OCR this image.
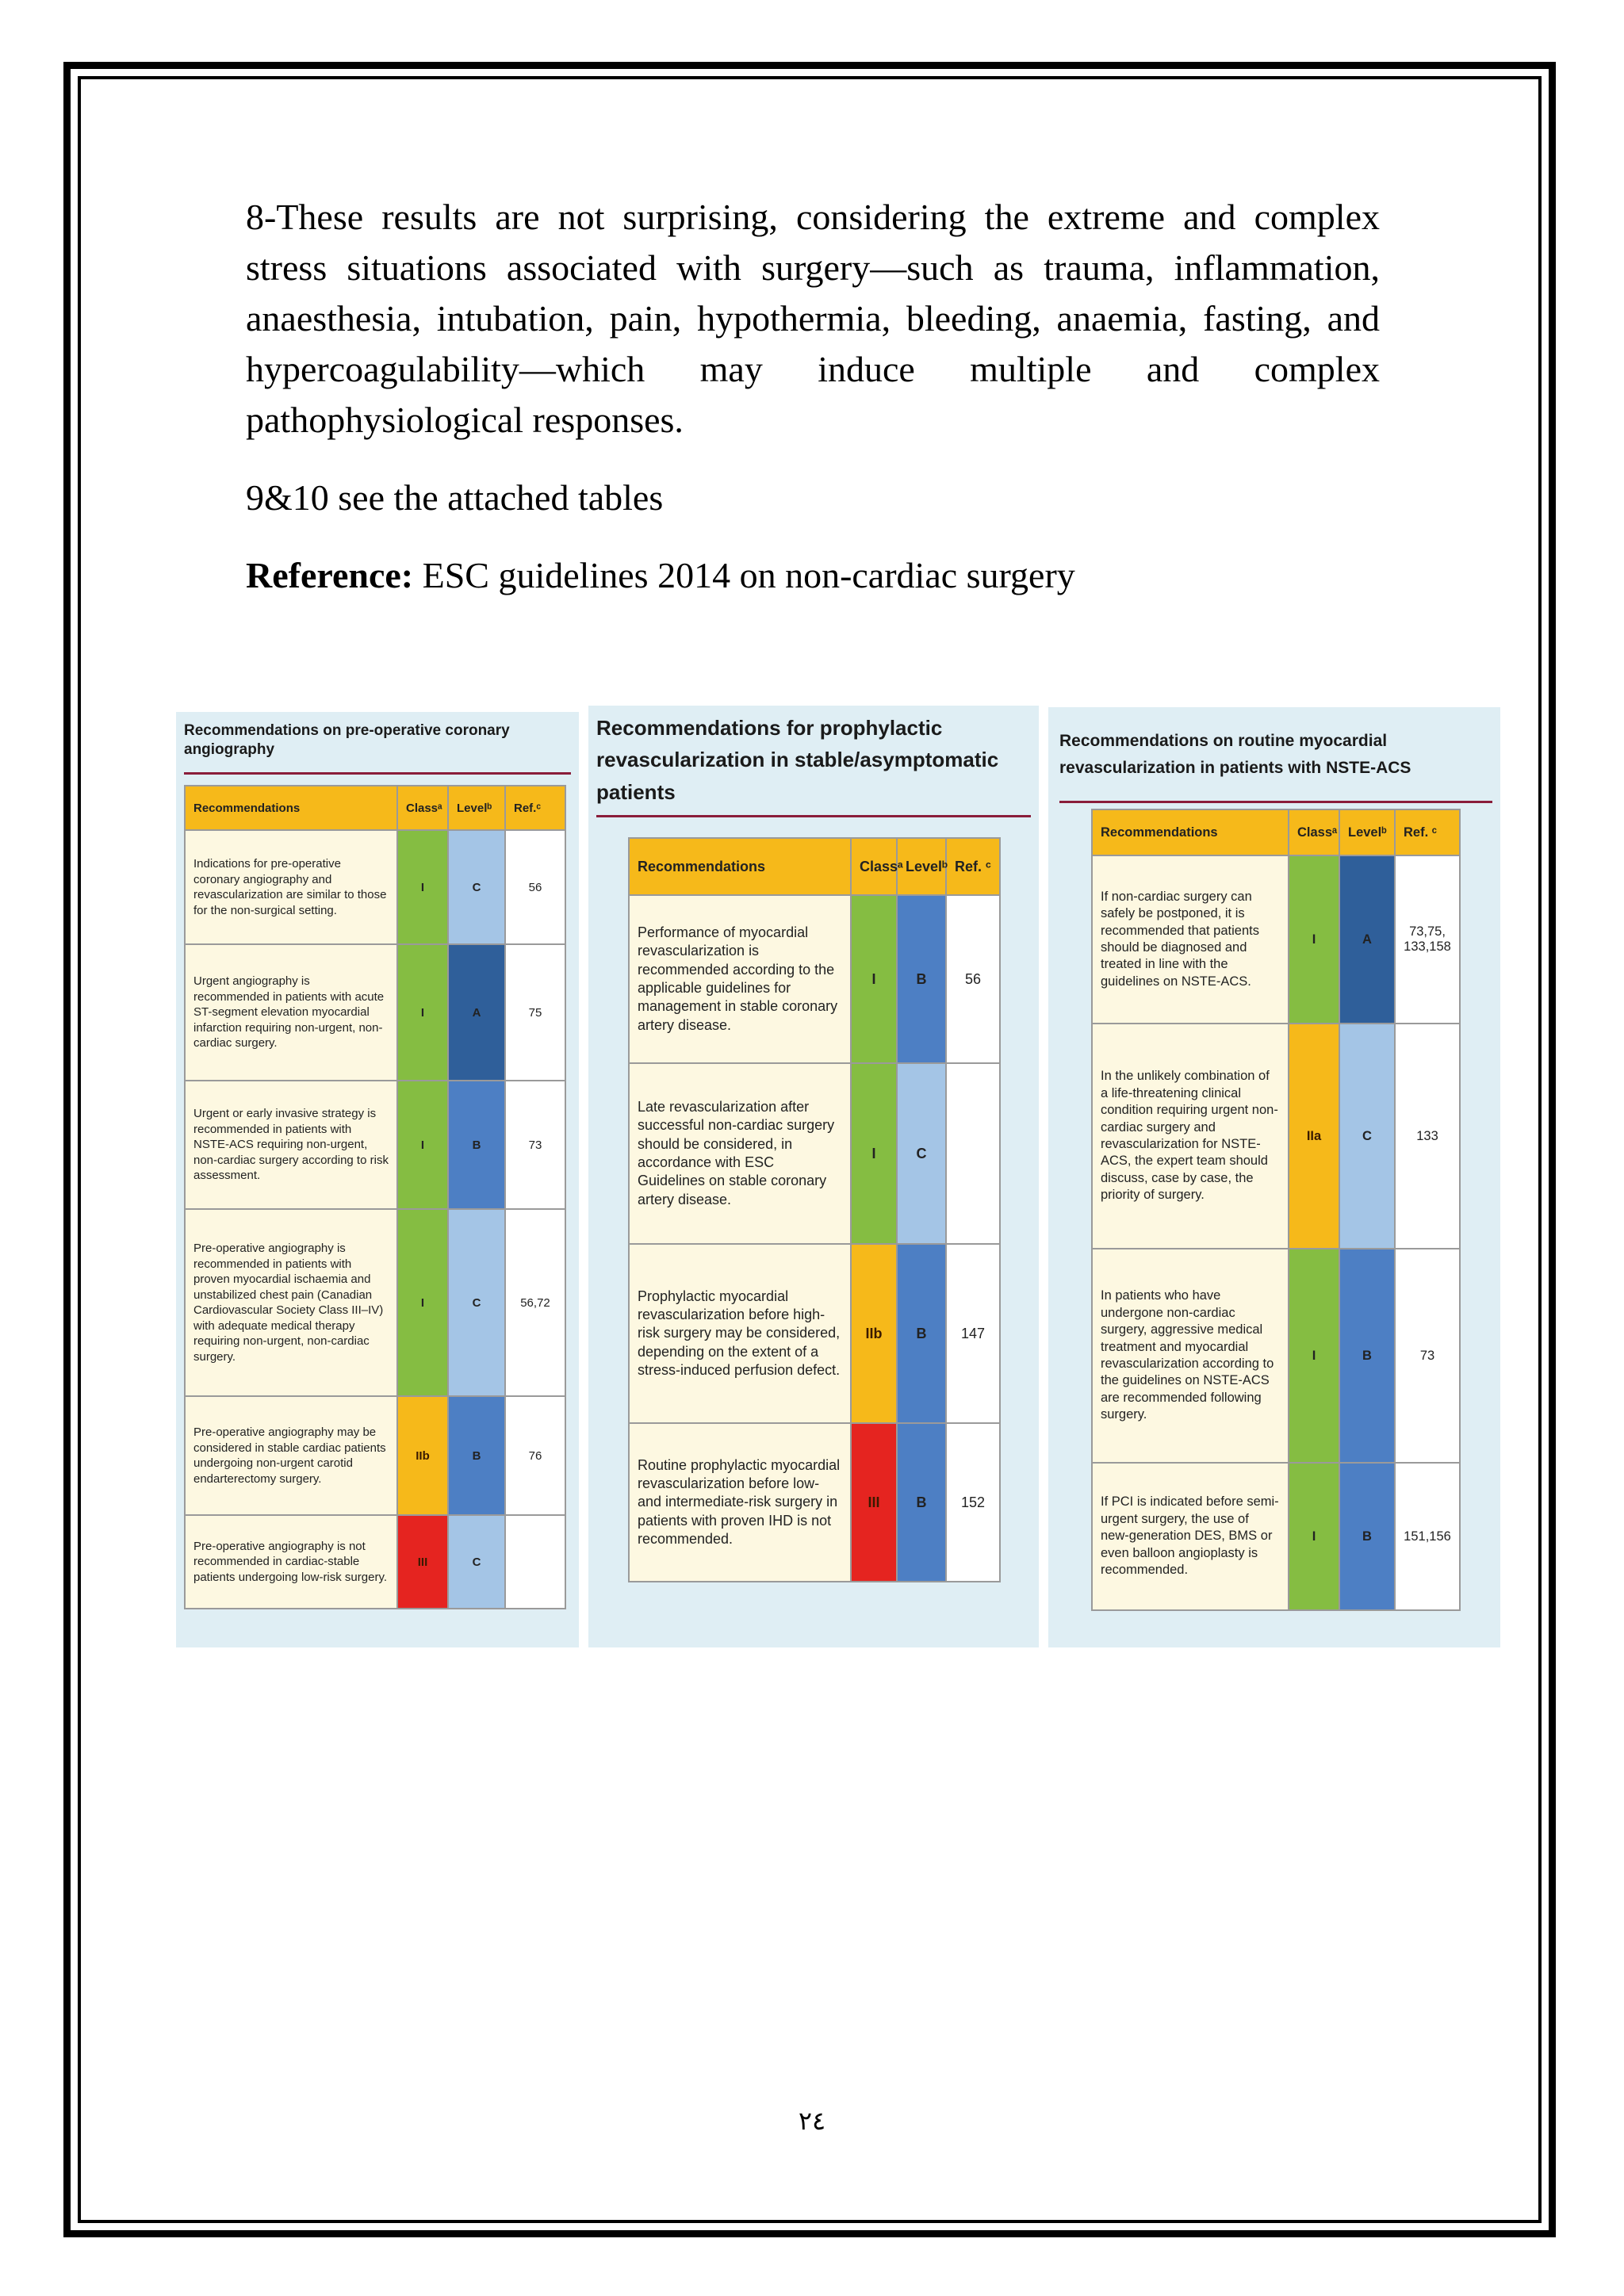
8-These results are not surprising, considering the extreme and complex stress situations associated with surgery—such as trauma, inflammation, anaesthesia, intubation, pain, hypothermia, bleeding, anaemia, fasting, and hypercoagulability—which may induce multiple and complex pathophysiological responses.

9&10 see the attached tables

Reference: ESC guidelines 2014 on non-cardiac surgery

Recommendations on pre-operative coronary angiography
Recommendations	Classᵃ	Levelᵇ	Ref.ᶜ
Indications for pre-operative coronary angiography and revascularization are similar to those for the non-surgical setting.	I	C	56
Urgent angiography is recommended in patients with acute ST-segment elevation myocardial infarction requiring non-urgent, non-cardiac surgery.	I	A	75
Urgent or early invasive strategy is recommended in patients with NSTE-ACS requiring non-urgent, non-cardiac surgery according to risk assessment.	I	B	73
Pre-operative angiography is recommended in patients with proven myocardial ischaemia and unstabilized chest pain (Canadian Cardiovascular Society Class III–IV) with adequate medical therapy requiring non-urgent, non-cardiac surgery.	I	C	56,72
Pre-operative angiography may be considered in stable cardiac patients undergoing non-urgent carotid endarterectomy surgery.	IIb	B	76
Pre-operative angiography is not recommended in cardiac-stable patients undergoing low-risk surgery.	III	C	
Recommendations for prophylactic revascularization in stable/asymptomatic patients
Recommendations	Classᵃ	Levelᵇ	Ref. ᶜ
Performance of myocardial revascularization is recommended according to the applicable guidelines for management in stable coronary artery disease.	I	B	56
Late revascularization after successful non-cardiac surgery should be considered, in accordance with ESC Guidelines on stable coronary artery disease.	I	C	
Prophylactic myocardial revascularization before high-risk surgery may be considered, depending on the extent of a stress-induced perfusion defect.	IIb	B	147
Routine prophylactic myocardial revascularization before low- and intermediate-risk surgery in patients with proven IHD is not recommended.	III	B	152
Recommendations on routine myocardial revascularization in patients with NSTE-ACS
Recommendations	Classᵃ	Levelᵇ	Ref. ᶜ
If non-cardiac surgery can safely be postponed, it is recommended that patients should be diagnosed and treated in line with the guidelines on NSTE-ACS.	I	A	73,75, 133,158
In the unlikely combination of a life-threatening clinical condition requiring urgent non-cardiac surgery and revascularization for NSTE-ACS, the expert team should discuss, case by case, the priority of surgery.	IIa	C	133
In patients who have undergone non-cardiac surgery, aggressive medical treatment and myocardial revascularization according to the guidelines on NSTE-ACS are recommended following surgery.	I	B	73
If PCI is indicated before semi-urgent surgery, the use of new-generation DES, BMS or even balloon angioplasty is recommended.	I	B	151,156
٢٤
